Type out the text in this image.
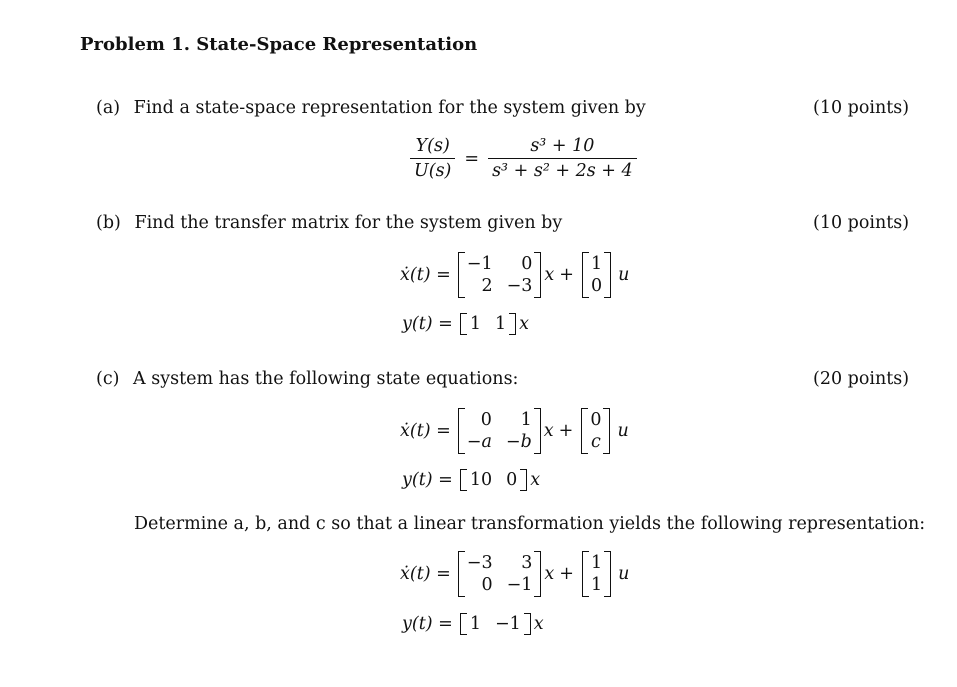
Problem 1. State-Space Representation
(a) Find a state-space representation for the system given by	(10 points)
$\frac{Y(s)}{U(s)} = \frac{\text{s³ + 10}}{\text{s³ + s² + 2s + 4}}$
(b) Find the transfer matrix for the system given by	(10 points)
ẋ(t) =
−1	0
2 −3
x +
1
0
u
y(t) = 1 1 x
(c) A system has the following state equations:	(20 points)
ẋ(t) =
0	1
−a −b
x +
0
c
u
y(t) = 10 0 x
Determine a, b, and c so that a linear transformation yields the following representation:
ẋ(t) =
−3	3
0 −1
x +
1
1
u
y(t) = 1 −1 x
